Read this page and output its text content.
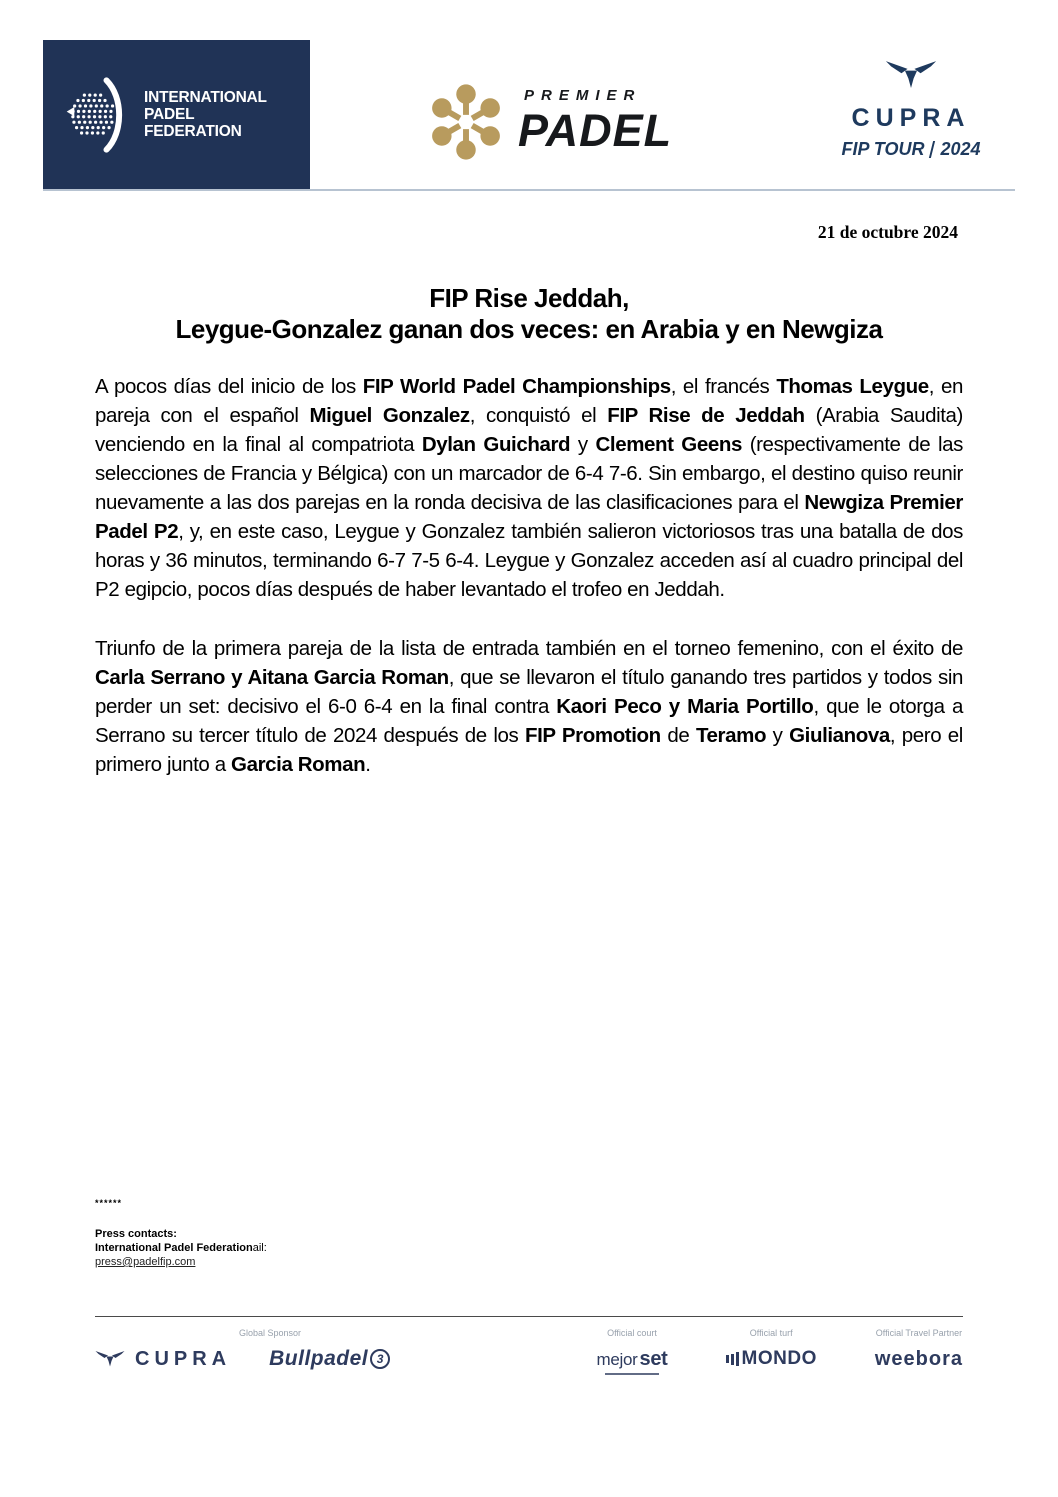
INTERNATIONAL
PADEL
FEDERATION
PREMIER
PADEL	CUPRA
FIP TOUR 2024
21 de octubre 2024
FIP Rise Jeddah,
Leygue-Gonzalez ganan dos veces: en Arabia y en Newgiza

A pocos días del inicio de los FIP World Padel Championships, el francés Thomas Leygue, en pareja con el español Miguel Gonzalez, conquistó el FIP Rise de Jeddah (Arabia Saudita) venciendo en la final al compatriota Dylan Guichard y Clement Geens (respectivamente de las selecciones de Francia y Bélgica) con un marcador de 6-4 7-6. Sin embargo, el destino quiso reunir nuevamente a las dos parejas en la ronda decisiva de las clasificaciones para el Newgiza Premier Padel P2, y, en este caso, Leygue y Gonzalez también salieron victoriosos tras una batalla de dos horas y 36 minutos, terminando 6-7 7-5 6-4. Leygue y Gonzalez acceden así al cuadro principal del P2 egipcio, pocos días después de haber levantado el trofeo en Jeddah.

Triunfo de la primera pareja de la lista de entrada también en el torneo femenino, con el éxito de Carla Serrano y Aitana Garcia Roman, que se llevaron el título ganando tres partidos y todos sin perder un set: decisivo el 6-0 6-4 en la final contra Kaori Peco y Maria Portillo, que le otorga a Serrano su tercer título de 2024 después de los FIP Promotion de Teramo y Giulianova, pero el primero junto a Garcia Roman.

******
Press contacts:
International Padel Federationail:
press@padelfip.com
Global Sponsor
CUPRA Bullpadel 3
Official court
mejor set
Official turf
MONDO
Official Travel Partner
weebora
